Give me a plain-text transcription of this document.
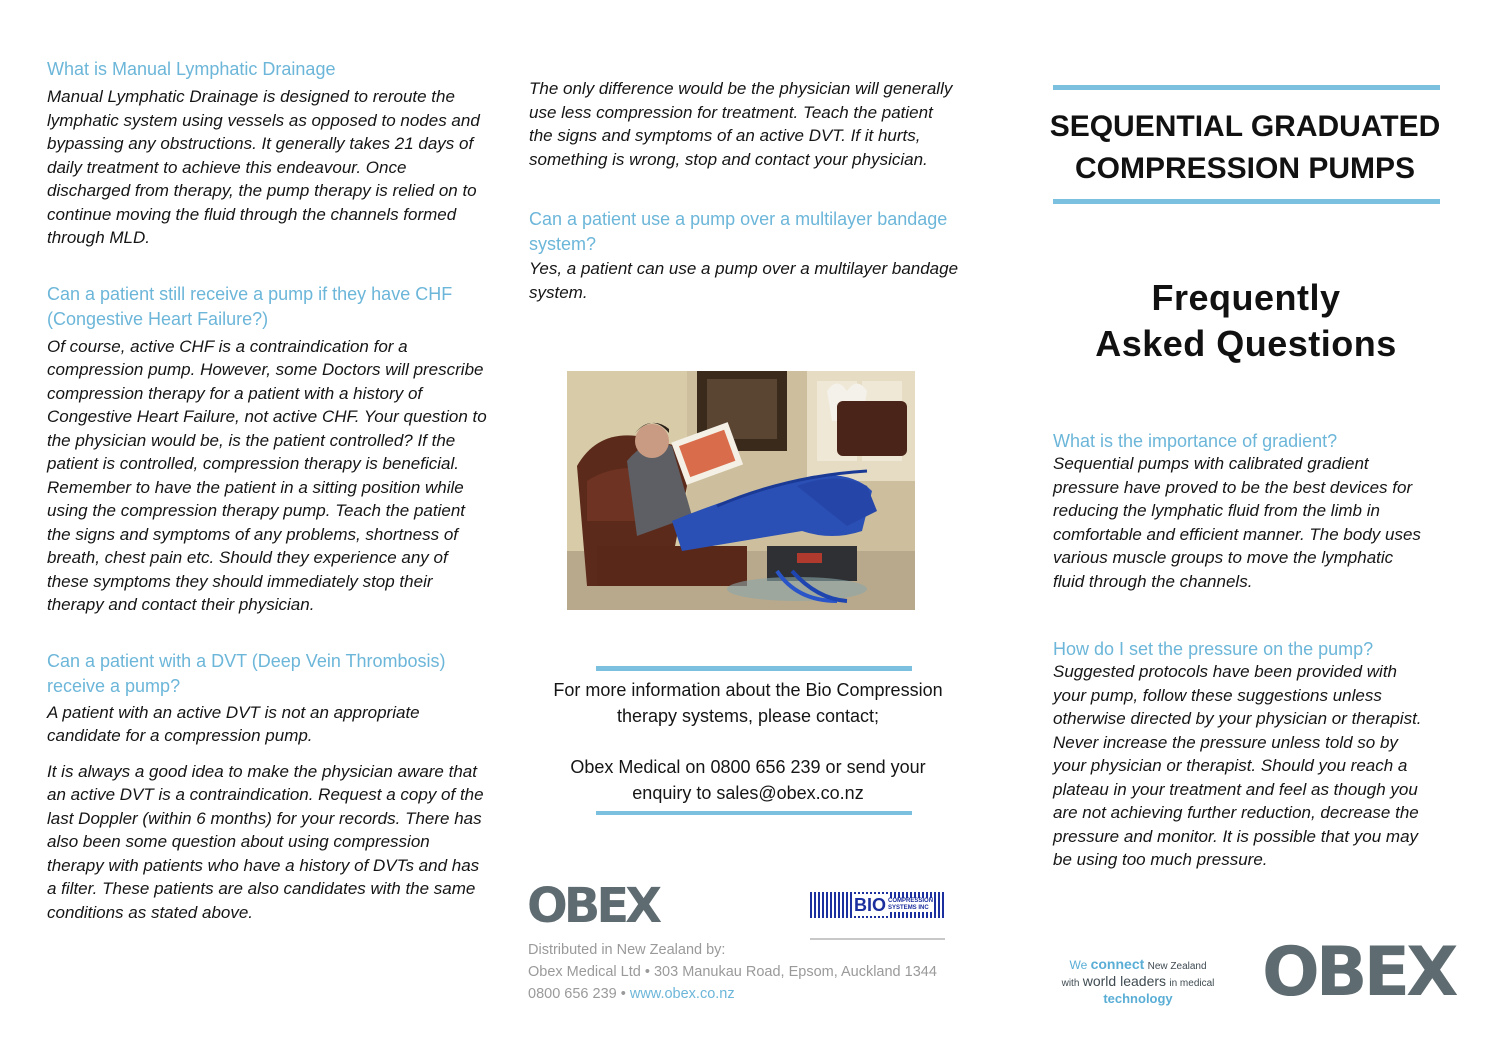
What is Manual Lymphatic Drainage

Manual Lymphatic Drainage is designed to reroute the lymphatic system using vessels as opposed to nodes and bypassing any obstructions. It generally takes 21 days of daily treatment to achieve this endeavour. Once discharged from therapy, the pump therapy is relied on to continue moving the fluid through the channels formed through MLD.

Can a patient still receive a pump if they have CHF (Congestive Heart Failure?)

Of course, active CHF is a contraindication for a compression pump. However, some Doctors will prescribe compression therapy for a patient with a history of Congestive Heart Failure, not active CHF. Your question to the physician would be, is the patient controlled? If the patient is controlled, compression therapy is beneficial. Remember to have the patient in a sitting position while using the compression therapy pump. Teach the patient the signs and symptoms of any problems, shortness of breath, chest pain etc. Should they experience any of these symptoms they should immediately stop their therapy and contact their physician.

Can a patient with a DVT (Deep Vein Thrombosis) receive a pump?

A patient with an active DVT is not an appropriate candidate for a compression pump.

It is always a good idea to make the physician aware that an active DVT is a contraindication. Request a copy of the last Doppler (within 6 months) for your records. There has also been some question about using compression therapy with patients who have a history of DVTs and has a filter. These patients are also candidates with the same conditions as stated above.

The only difference would be the physician will generally use less compression for treatment. Teach the patient the signs and symptoms of an active DVT. If it hurts, something is wrong, stop and contact your physician.

Can a patient use a pump over a multilayer bandage system?

Yes, a patient can use a pump over a multilayer bandage system.

For more information about the Bio Compression therapy systems, please contact;
Obex Medical on 0800 656 239 or send your enquiry to sales@obex.co.nz
OBEX	BIO COMPRESSION SYSTEMS INC
Distributed in New Zealand by:
Obex Medical Ltd • 303 Manukau Road, Epsom, Auckland 1344
0800 656 239 • www.obex.co.nz
SEQUENTIAL GRADUATED
COMPRESSION PUMPS
Frequently
Asked Questions

What is the importance of gradient?

Sequential pumps with calibrated gradient pressure have proved to be the best devices for reducing the lymphatic fluid from the limb in comfortable and efficient manner. The body uses various muscle groups to move the lymphatic fluid through the channels.

How do I set the pressure on the pump?

Suggested protocols have been provided with your pump, follow these suggestions unless otherwise directed by your physician or therapist. Never increase the pressure unless told so by your physician or therapist. Should you reach a plateau in your treatment and feel as though you are not achieving further reduction, decrease the pressure and monitor. It is possible that you may be using too much pressure.

We connect New Zealand
with world leaders in medical
technology	OBEX
